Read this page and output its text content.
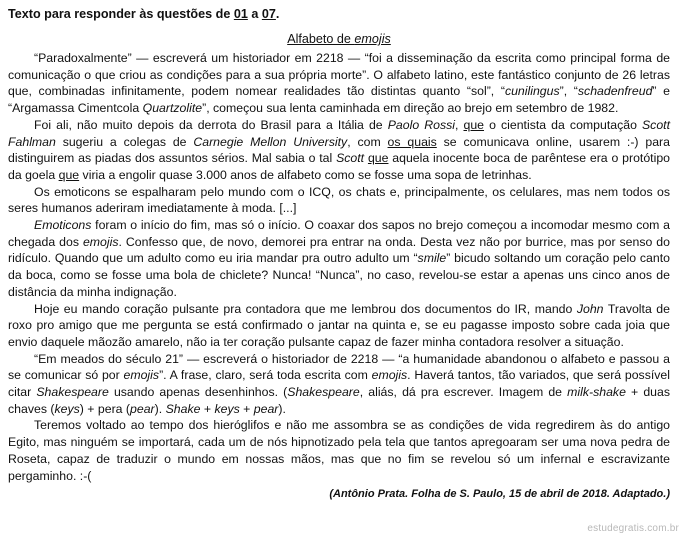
Texto para responder às questões de 01 a 07.
Alfabeto de emojis

“Paradoxalmente” — escreverá um historiador em 2218 — “foi a disseminação da escrita como principal forma de comunicação o que criou as condições para a sua própria morte”. O alfabeto latino, este fantástico conjunto de 26 letras que, combinadas infinitamente, podem nomear realidades tão distintas quanto “sol”, “cunilingus”, “schadenfreud” e “Argamassa Cimentcola Quartzolite”, começou sua lenta caminhada em direção ao brejo em setembro de 1982.

Foi ali, não muito depois da derrota do Brasil para a Itália de Paolo Rossi, que o cientista da computação Scott Fahlman sugeriu a colegas de Carnegie Mellon University, com os quais se comunicava online, usarem :-) para distinguirem as piadas dos assuntos sérios. Mal sabia o tal Scott que aquela inocente boca de parêntese era o protótipo da goela que viria a engolir quase 3.000 anos de alfabeto como se fosse uma sopa de letrinhas.

Os emoticons se espalharam pelo mundo com o ICQ, os chats e, principalmente, os celulares, mas nem todos os seres humanos aderiram imediatamente à moda. [...]

Emoticons foram o início do fim, mas só o início. O coaxar dos sapos no brejo começou a incomodar mesmo com a chegada dos emojis. Confesso que, de novo, demorei pra entrar na onda. Desta vez não por burrice, mas por senso do ridículo. Quando que um adulto como eu iria mandar pra outro adulto um “smile” bicudo soltando um coração pelo canto da boca, como se fosse uma bola de chiclete? Nunca! “Nunca”, no caso, revelou-se estar a apenas uns cinco anos de distância da minha indignação.

Hoje eu mando coração pulsante pra contadora que me lembrou dos documentos do IR, mando John Travolta de roxo pro amigo que me pergunta se está confirmado o jantar na quinta e, se eu pagasse imposto sobre cada joia que envio daquele mãozão amarelo, não ia ter coração pulsante capaz de fazer minha contadora resolver a situação.

“Em meados do século 21” — escreverá o historiador de 2218 — “a humanidade abandonou o alfabeto e passou a se comunicar só por emojis”. A frase, claro, será toda escrita com emojis. Haverá tantos, tão variados, que será possível citar Shakespeare usando apenas desenhinhos. (Shakespeare, aliás, dá pra escrever. Imagem de milk-shake + duas chaves (keys) + pera (pear). Shake + keys + pear).

Teremos voltado ao tempo dos hieróglifos e não me assombra se as condições de vida regredirem às do antigo Egito, mas ninguém se importará, cada um de nós hipnotizado pela tela que tantos apregoaram ser uma nova pedra de Roseta, capaz de traduzir o mundo em nossas mãos, mas que no fim se revelou só um infernal e escravizante pergaminho. :-(

(Antônio Prata. Folha de S. Paulo, 15 de abril de 2018. Adaptado.)
estudegratis.com.br
